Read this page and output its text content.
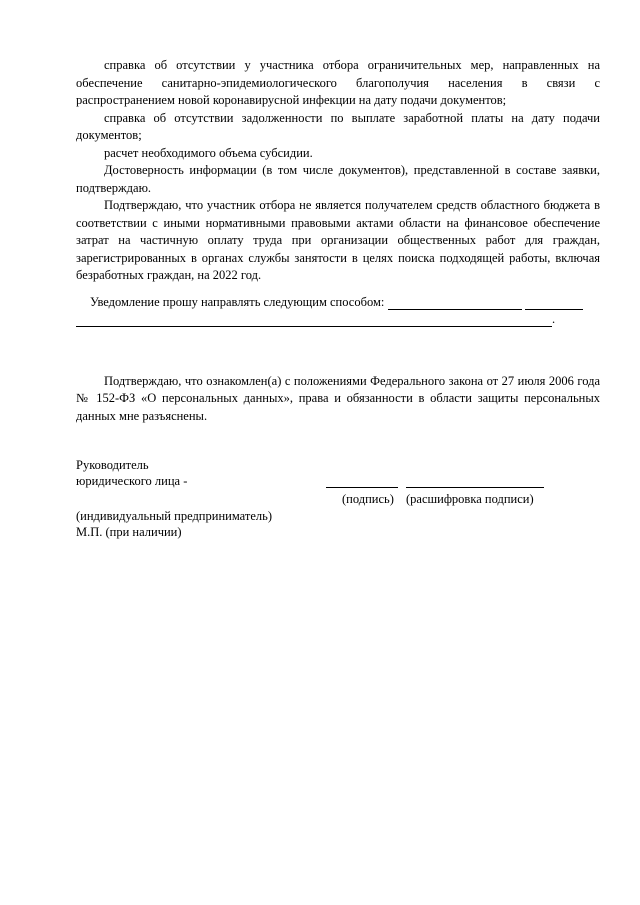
справка об отсутствии у участника отбора ограничительных мер, направленных на обеспечение санитарно-эпидемиологического благополучия населения в связи с распространением новой коронавирусной инфекции на дату подачи документов;

справка об отсутствии задолженности по выплате заработной платы на дату подачи документов;

расчет необходимого объема субсидии.

Достоверность информации (в том числе документов), представленной в составе заявки, подтверждаю.

Подтверждаю, что участник отбора не является получателем средств областного бюджета в соответствии с иными нормативными правовыми актами области на финансовое обеспечение затрат на частичную оплату труда при организации общественных работ для граждан, зарегистрированных в органах службы занятости в целях поиска подходящей работы, включая безработных граждан, на 2022 год.

Уведомление прошу направлять следующим способом:
.

Подтверждаю, что ознакомлен(а) с положениями Федерального закона от 27 июля 2006 года № 152-ФЗ «О персональных данных», права и обязанности в области защиты персональных данных мне разъяснены.

Руководитель
юридического лица -
(подпись) (расшифровка подписи)
(индивидуальный предприниматель)
М.П. (при наличии)
